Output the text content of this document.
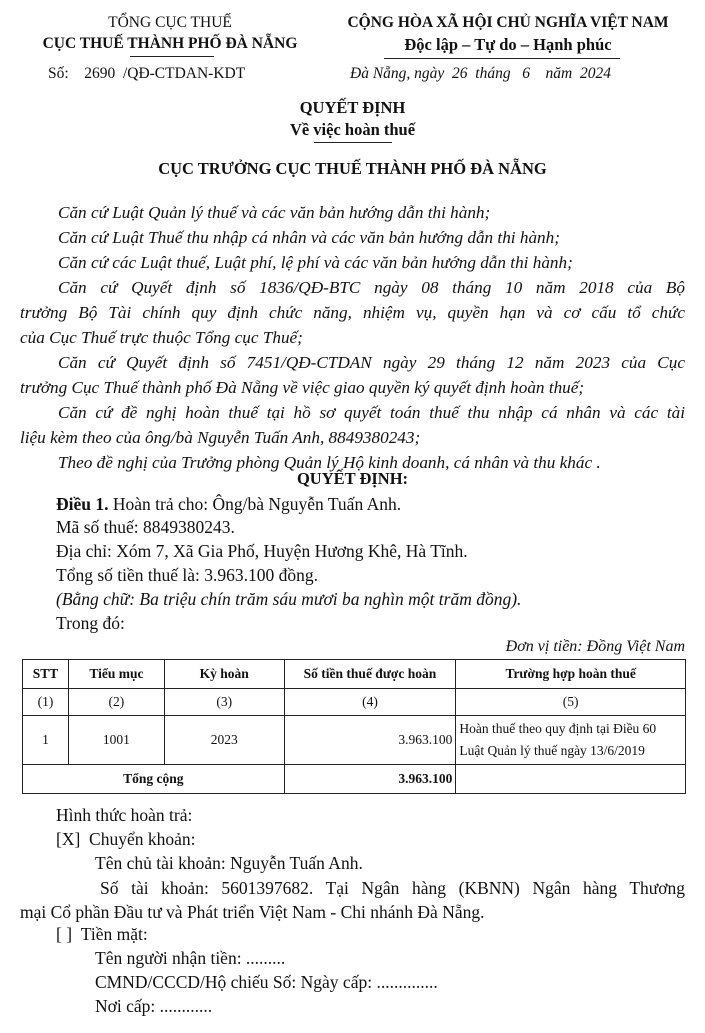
TỔNG CỤC THUẾ
CỤC THUẾ THÀNH PHỐ ĐÀ NẴNG
Số: 2690 /QĐ-CTDAN-KDT
CỘNG HÒA XÃ HỘI CHỦ NGHĨA VIỆT NAM
Độc lập – Tự do – Hạnh phúc
Đà Nẵng, ngày 26 tháng 6 năm 2024
QUYẾT ĐỊNH
Về việc hoàn thuế
CỤC TRƯỞNG CỤC THUẾ THÀNH PHỐ ĐÀ NẴNG
Căn cứ Luật Quản lý thuế và các văn bản hướng dẫn thi hành;
Căn cứ Luật Thuế thu nhập cá nhân và các văn bản hướng dẫn thi hành;
Căn cứ các Luật thuế, Luật phí, lệ phí và các văn bản hướng dẫn thi hành;
Căn cứ Quyết định số 1836/QĐ-BTC ngày 08 tháng 10 năm 2018 của Bộ
trưởng Bộ Tài chính quy định chức năng, nhiệm vụ, quyền hạn và cơ cấu tổ chức
của Cục Thuế trực thuộc Tổng cục Thuế;
Căn cứ Quyết định số 7451/QĐ-CTDAN ngày 29 tháng 12 năm 2023 của Cục
trưởng Cục Thuế thành phố Đà Nẵng về việc giao quyền ký quyết định hoàn thuế;
Căn cứ đề nghị hoàn thuế tại hồ sơ quyết toán thuế thu nhập cá nhân và các tài
liệu kèm theo của ông/bà Nguyễn Tuấn Anh, 8849380243;
Theo đề nghị của Trưởng phòng Quản lý Hộ kinh doanh, cá nhân và thu khác .
QUYẾT ĐỊNH:
Điều 1. Hoàn trả cho: Ông/bà Nguyễn Tuấn Anh.
Mã số thuế: 8849380243.
Địa chỉ: Xóm 7, Xã Gia Phố, Huyện Hương Khê, Hà Tĩnh.
Tổng số tiền thuế là: 3.963.100 đồng.
(Bằng chữ: Ba triệu chín trăm sáu mươi ba nghìn một trăm đồng).
Trong đó:
Đơn vị tiền: Đồng Việt Nam
STT	Tiểu mục	Kỳ hoàn	Số tiền thuế được hoàn	Trường hợp hoàn thuế
(1)	(2)	(3)	(4)	(5)
1	1001	2023	3.963.100	Hoàn thuế theo quy định tại Điều 60
Luật Quản lý thuế ngày 13/6/2019

Tổng cộng			3.963.100	
Hình thức hoàn trả:
[X] Chuyển khoản:
Tên chủ tài khoản: Nguyễn Tuấn Anh.
Số tài khoản: 5601397682. Tại Ngân hàng (KBNN) Ngân hàng Thương
mại Cổ phần Đầu tư và Phát triển Việt Nam - Chi nhánh Đà Nẵng.
[ ] Tiền mặt:
Tên người nhận tiền: .........
CMND/CCCD/Hộ chiếu Số: Ngày cấp: ..............
Nơi cấp: ............
